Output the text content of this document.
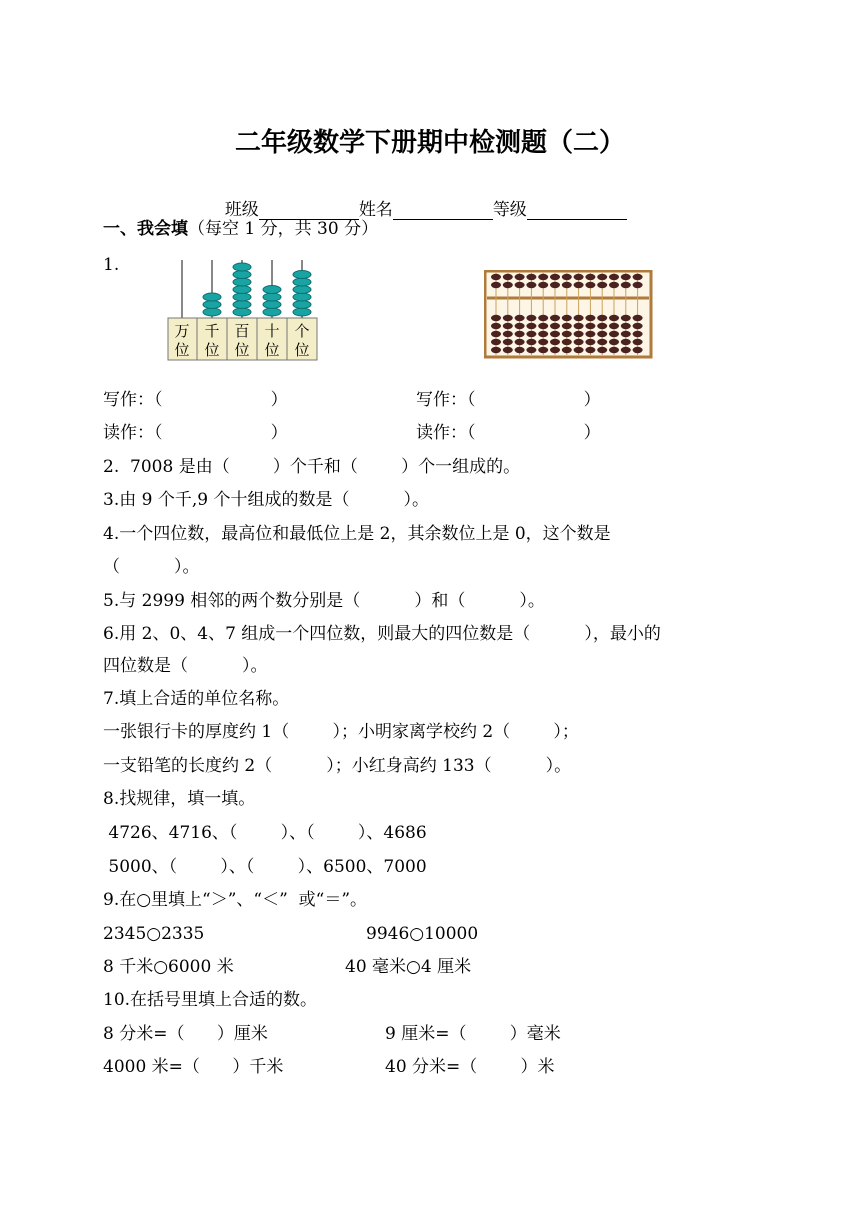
二年级数学下册期中检测题（二）

班级	姓名	等级

一、我会填（每空 1 分，共 30 分）
1.
万
位
千
位
百
位
十
位
个
位
写作：（                    ）	写作：（                    ）
读作：（                    ）	读作：（                    ）
2.  7008 是由（        ）个千和（        ）个一组成的。
3.由 9 个千,9 个十组成的数是（          ）。
4.一个四位数，最高位和最低位上是 2，其余数位上是 0，这个数是
（          ）。
5.与 2999 相邻的两个数分别是（          ）和（          ）。
6.用 2、0、4、7 组成一个四位数，则最大的四位数是（          ），最小的
四位数是（          ）。
7.填上合适的单位名称。
一张银行卡的厚度约 1（        ）；小明家离学校约 2（        ）；
一支铅笔的长度约 2（          ）；小红身高约 133（          ）。
8.找规律，填一填。
4726、4716、（        ）、（        ）、4686
5000、（        ）、（        ）、6500、7000
9.在○里填上“＞”、“＜”  或“＝”。
2345○2335	9946○10000
8 千米○6000 米	40 毫米○4 厘米
10.在括号里填上合适的数。
8 分米=（      ）厘米	9 厘米=（        ）毫米
4000 米=（      ）千米	40 分米=（        ）米
